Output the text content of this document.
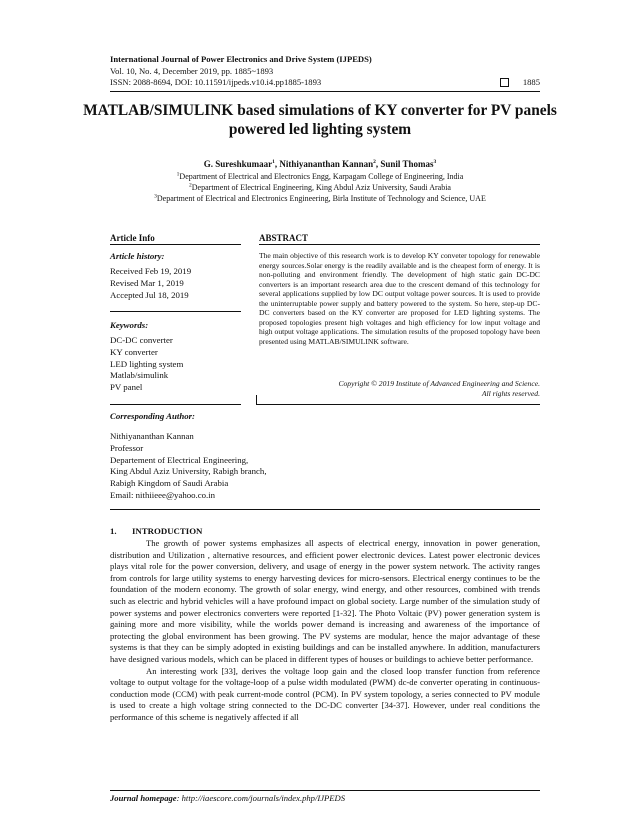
International Journal of Power Electronics and Drive System (IJPEDS)
Vol. 10, No. 4, December 2019, pp. 1885~1893
ISSN: 2088-8694, DOI: 10.11591/ijpeds.v10.i4.pp1885-1893	1885
MATLAB/SIMULINK based simulations of KY converter for PV panels powered led lighting system
G. Sureshkumaar$^1$, Nithiyananthan Kannan$^2$, Sunil Thomas$^3$
$^1$Department of Electrical and Electronics Engg, Karpagam College of Engineering, India
$^2$Department of Electrical Engineering, King Abdul Aziz University, Saudi Arabia
$^3$Department of Electrical and Electronics Engineering, Birla Institute of Technology and Science, UAE
Article Info
Article history:
Received Feb 19, 2019
Revised Mar 1, 2019
Accepted Jul 18, 2019
Keywords:
DC-DC converter
KY converter
LED lighting system
Matlab/simulink
PV panel
ABSTRACT
The main objective of this research work is to develop KY conveter topology for renewable energy sources.Solar energy is the readily available and is the cheapest form of energy. It is non-polluting and environment friendly. The development of high static gain DC-DC converters is an important research area due to the crescent demand of this technology for several applications supplied by low DC output voltage power sources. It is used to provide the uninterruptable power supply and battery powered to the system. So here, step-up DC-DC converters based on the KY converter are proposed for LED lighting systems. The proposed topologies present high voltages and high efficiency for low input voltage and high output voltage applications. The simulation results of the proposed topology have been presented using MATLAB/SIMULINK software.
Copyright © 2019 Institute of Advanced Engineering and Science.
All rights reserved.
Corresponding Author:
Nithiyananthan Kannan
Professor
Departement of Electrical Engineering,
King Abdul Aziz University, Rabigh branch,
Rabigh Kingdom of Saudi Arabia
Email: nithiieee@yahoo.co.in
1. INTRODUCTION

The growth of power systems emphasizes all aspects of electrical energy, innovation in power generation, distribution and Utilization , alternative resources, and efficient power electronic devices. Latest power electronic devices plays vital role for the power conversion, delivery, and usage of energy in the power system network. The activity ranges from controls for large utility systems to energy harvesting devices for micro-sensors. Electrical energy continues to be the foundation of the modern economy. The growth of solar energy, wind energy, and other resources, combined with trends such as electric and hybrid vehicles will a have profound impact on global society. Large number of the simulation study of power systems and power electronics converters were reported [1-32]. The Photo Voltaic (PV) power generation system is gaining more and more visibility, while the worlds power demand is increasing and awareness of the importance of protecting the global environment has been growing. The PV systems are modular, hence the major advantage of these systems is that they can be simply adopted in existing buildings and can be installed anywhere. In addition, manufacturers have designed various models, which can be placed in different types of houses or buildings to achieve better performance.

An interesting work [33], derives the voltage loop gain and the closed loop transfer function from reference voltage to output voltage for the voltage-loop of a pulse width modulated (PWM) dc-de converter operating in continuous-conduction mode (CCM) with peak current-mode control (PCM). In PV system topology, a series connected to PV module is used to create a high voltage string connected to the DC-DC converter [34-37]. However, under real conditions the performance of this scheme is negatively affected if all

Journal homepage: http://iaescore.com/journals/index.php/IJPEDS
